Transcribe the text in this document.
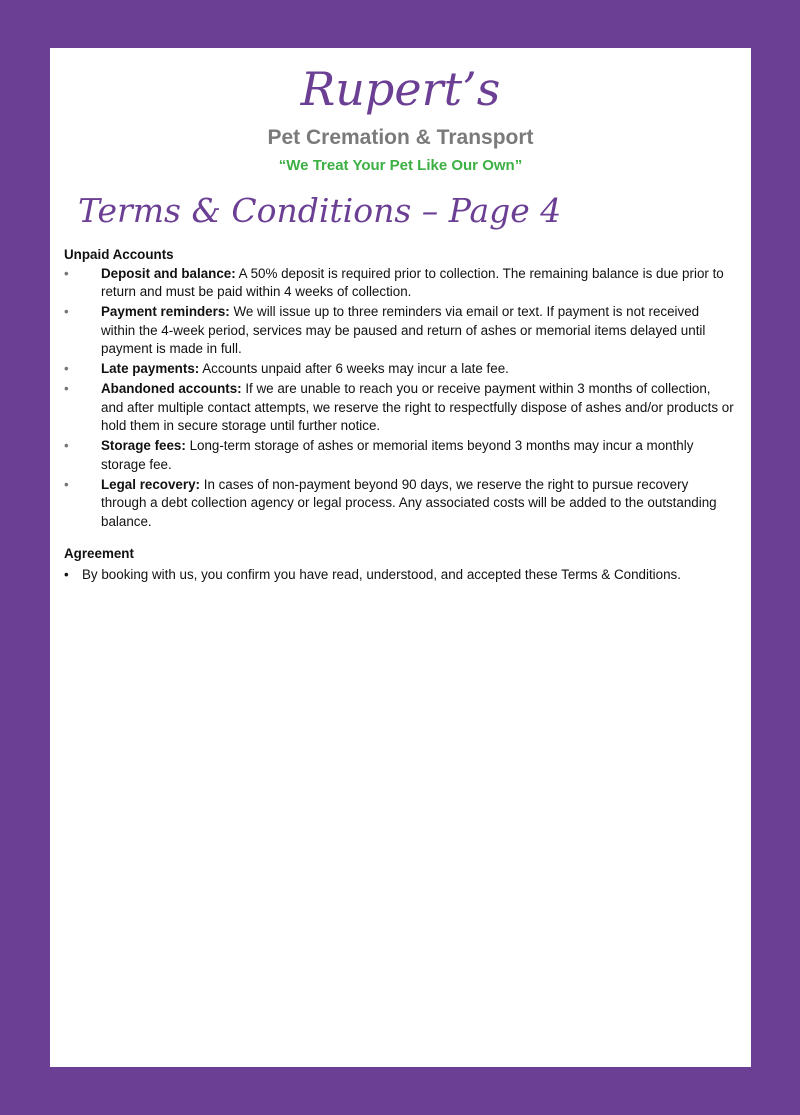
Rupert’s
Pet Cremation & Transport
“We Treat Your Pet Like Our Own”
Terms & Conditions – Page 4

Unpaid Accounts

• Deposit and balance: A 50% deposit is required prior to collection. The remaining balance is due prior to return and must be paid within 4 weeks of collection.
• Payment reminders: We will issue up to three reminders via email or text. If payment is not received within the 4-week period, services may be paused and return of ashes or memorial items delayed until payment is made in full.
• Late payments: Accounts unpaid after 6 weeks may incur a late fee.
• Abandoned accounts: If we are unable to reach you or receive payment within 3 months of collection, and after multiple contact attempts, we reserve the right to respectfully dispose of ashes and/or products or hold them in secure storage until further notice.
• Storage fees: Long-term storage of ashes or memorial items beyond 3 months may incur a monthly storage fee.
• Legal recovery: In cases of non-payment beyond 90 days, we reserve the right to pursue recovery through a debt collection agency or legal process. Any associated costs will be added to the outstanding balance.

Agreement

• By booking with us, you confirm you have read, understood, and accepted these Terms & Conditions.
